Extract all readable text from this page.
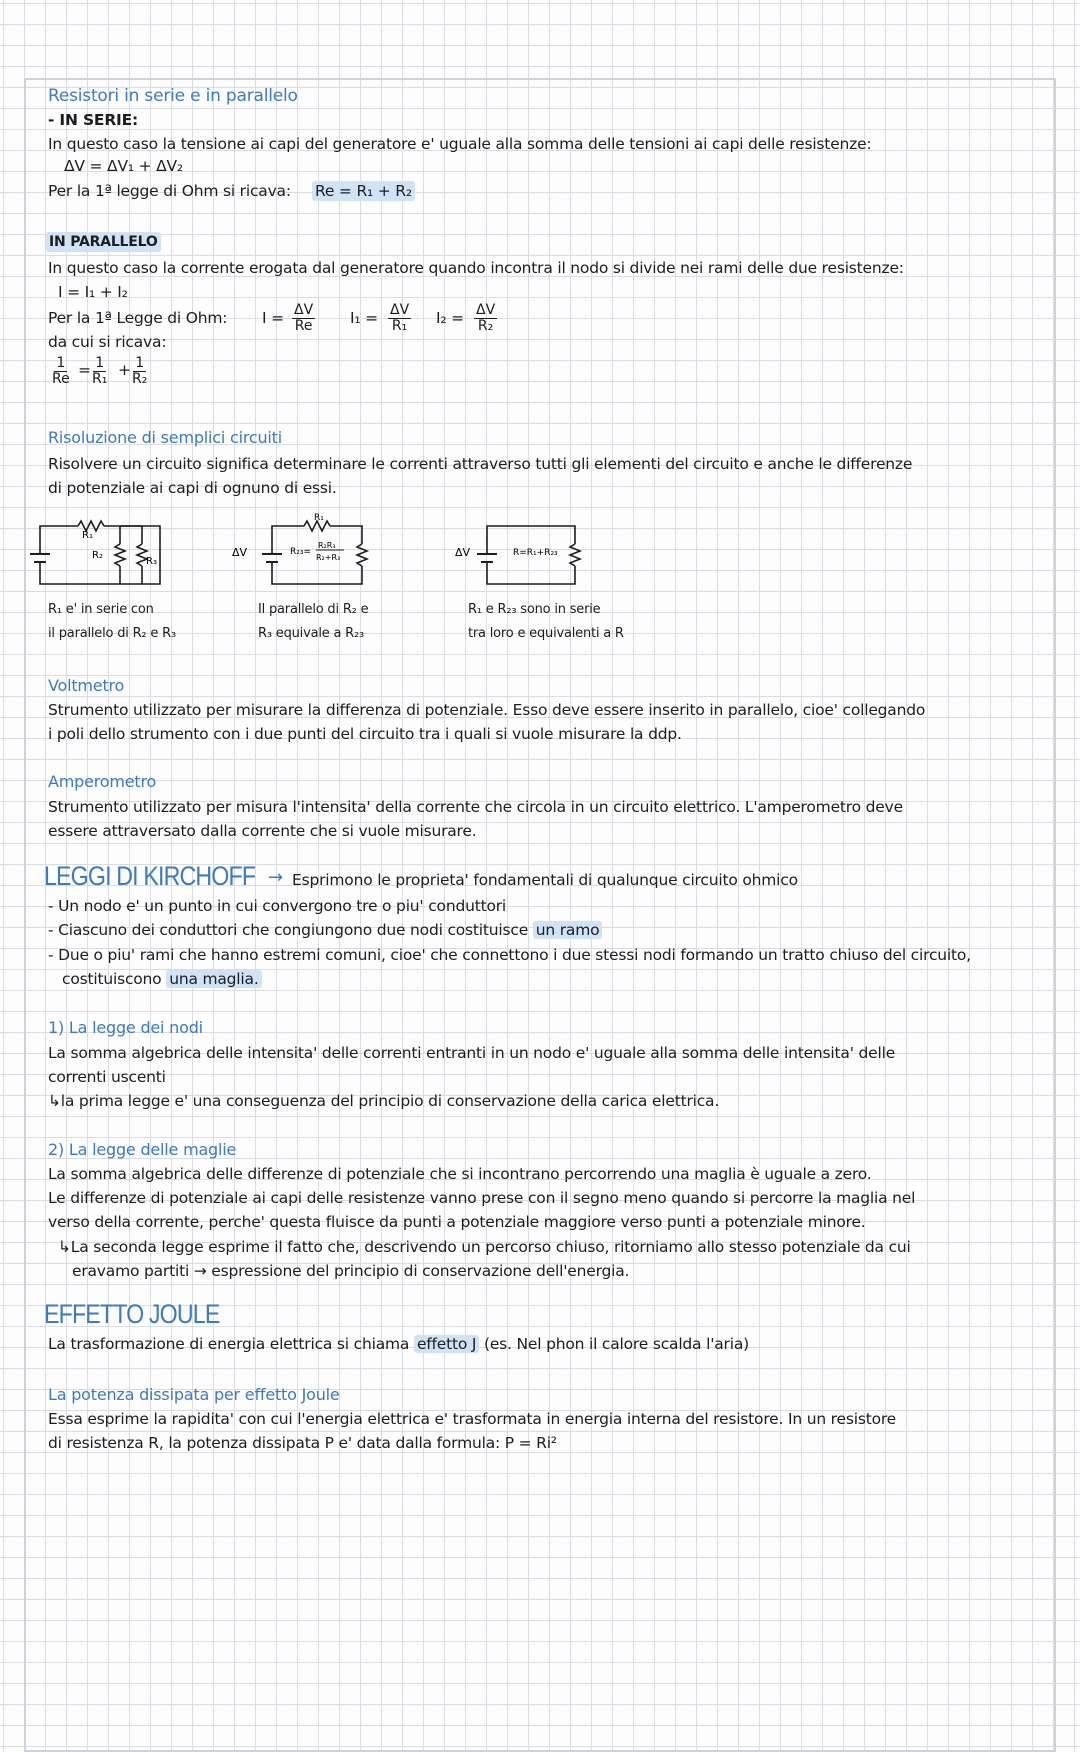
Resistori in serie e in parallelo
- IN SERIE:
In questo caso la tensione ai capi del generatore e' uguale alla somma delle tensioni ai capi delle resistenze:
ΔV = ΔV₁ + ΔV₂
Per la 1ª legge di Ohm si ricava: Re = R₁ + R₂
IN PARALLELO
In questo caso la corrente erogata dal generatore quando incontra il nodo si divide nei rami delle due resistenze:
I = I₁ + I₂
Per la 1ª Legge di Ohm: $I = \frac{\Delta V}{Re} I_1 = \frac{\Delta V}{\text{R₁}} I_2 = \frac{\Delta V}{\text{R₂}}$
da cui si ricava:
$\frac{1}{Re} = \frac{1}{\text{R₁}} + \frac{1}{\text{R₂}}$
Risoluzione di semplici circuiti
Risolvere un circuito significa determinare le correnti attraverso tutti gli elementi del circuito e anche le differenze
di potenziale ai capi di ognuno di essi.
R₁
R₂
R₃
R₁ e' in serie con
il parallelo di R₂ e R₃
ΔV
R₁
R₂₃=
R₂R₃
R₂+R₃
Il parallelo di R₂ e
R₃ equivale a R₂₃
ΔV	R=R₁+R₂₃
R₁ e R₂₃ sono in serie
tra loro e equivalenti a R
Voltmetro
Strumento utilizzato per misurare la differenza di potenziale. Esso deve essere inserito in parallelo, cioe' collegando
i poli dello strumento con i due punti del circuito tra i quali si vuole misurare la ddp.
Amperometro
Strumento utilizzato per misura l'intensita' della corrente che circola in un circuito elettrico. L'amperometro deve
essere attraversato dalla corrente che si vuole misurare.
LEGGI DI KIRCHOFF → Esprimono le proprieta' fondamentali di qualunque circuito ohmico
- Un nodo e' un punto in cui convergono tre o piu' conduttori
- Ciascuno dei conduttori che congiungono due nodi costituisce un ramo
- Due o piu' rami che hanno estremi comuni, cioe' che connettono i due stessi nodi formando un tratto chiuso del circuito,
costituiscono una maglia.
1) La legge dei nodi
La somma algebrica delle intensita' delle correnti entranti in un nodo e' uguale alla somma delle intensita' delle
correnti uscenti
↳la prima legge e' una conseguenza del principio di conservazione della carica elettrica.
2) La legge delle maglie
La somma algebrica delle differenze di potenziale che si incontrano percorrendo una maglia è uguale a zero.
Le differenze di potenziale ai capi delle resistenze vanno prese con il segno meno quando si percorre la maglia nel
verso della corrente, perche' questa fluisce da punti a potenziale maggiore verso punti a potenziale minore.
↳La seconda legge esprime il fatto che, descrivendo un percorso chiuso, ritorniamo allo stesso potenziale da cui
eravamo partiti → espressione del principio di conservazione dell'energia.
EFFETTO JOULE
La trasformazione di energia elettrica si chiama effetto J (es. Nel phon il calore scalda l'aria)
La potenza dissipata per effetto Joule
Essa esprime la rapidita' con cui l'energia elettrica e' trasformata in energia interna del resistore. In un resistore
di resistenza R, la potenza dissipata P e' data dalla formula: P = Ri²
